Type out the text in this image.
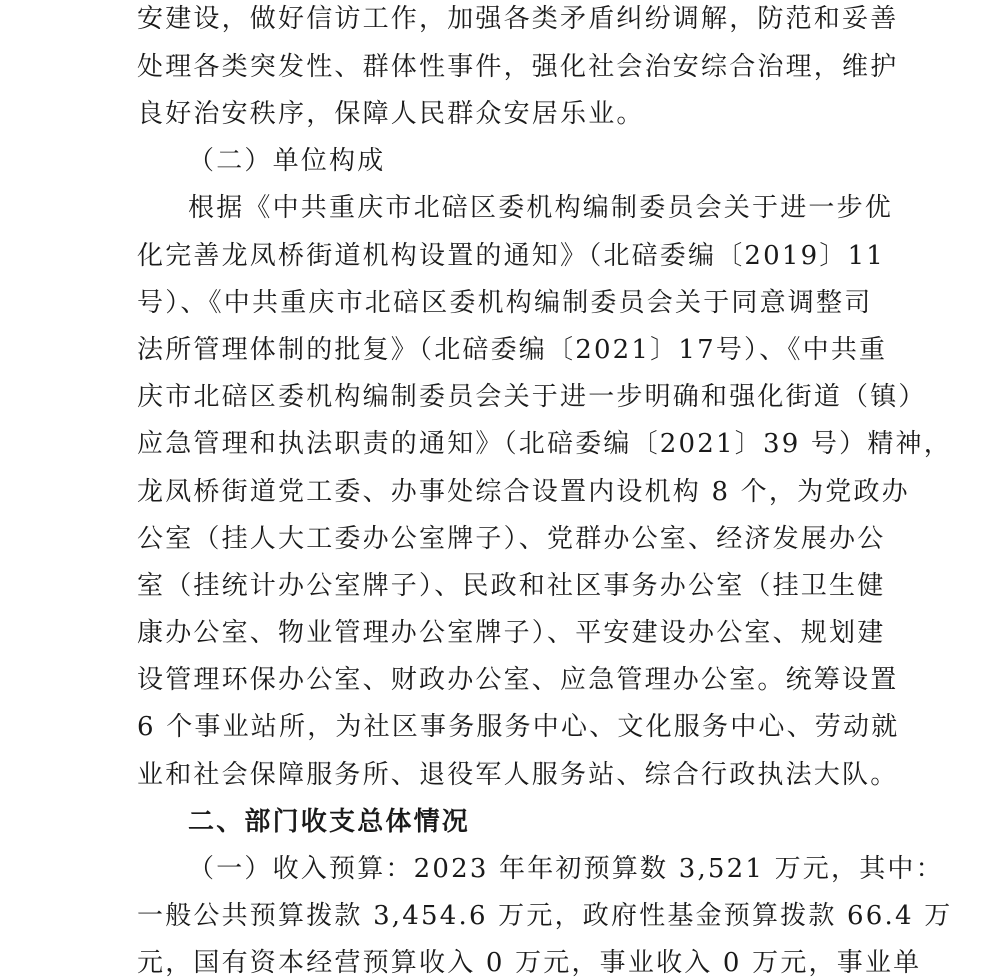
安建设，做好信访工作，加强各类矛盾纠纷调解，防范和妥善
处理各类突发性、群体性事件，强化社会治安综合治理，维护
良好治安秩序，保障人民群众安居乐业。
（二）单位构成
根据《中共重庆市北碚区委机构编制委员会关于进一步优
化完善龙凤桥街道机构设置的通知》（北碚委编〔2019〕11
号）、《中共重庆市北碚区委机构编制委员会关于同意调整司
法所管理体制的批复》（北碚委编〔2021〕17号）、《中共重
庆市北碚区委机构编制委员会关于进一步明确和强化街道（镇）
应急管理和执法职责的通知》（北碚委编〔2021〕39 号）精神，
龙凤桥街道党工委、办事处综合设置内设机构 8 个，为党政办
公室（挂人大工委办公室牌子）、党群办公室、经济发展办公
室（挂统计办公室牌子）、民政和社区事务办公室（挂卫生健
康办公室、物业管理办公室牌子）、平安建设办公室、规划建
设管理环保办公室、财政办公室、应急管理办公室。统筹设置
6 个事业站所，为社区事务服务中心、文化服务中心、劳动就
业和社会保障服务所、退役军人服务站、综合行政执法大队。
二、部门收支总体情况
（一）收入预算：2023 年年初预算数 3,521 万元，其中：
一般公共预算拨款 3,454.6 万元，政府性基金预算拨款 66.4 万
元，国有资本经营预算收入 0 万元，事业收入 0 万元，事业单
